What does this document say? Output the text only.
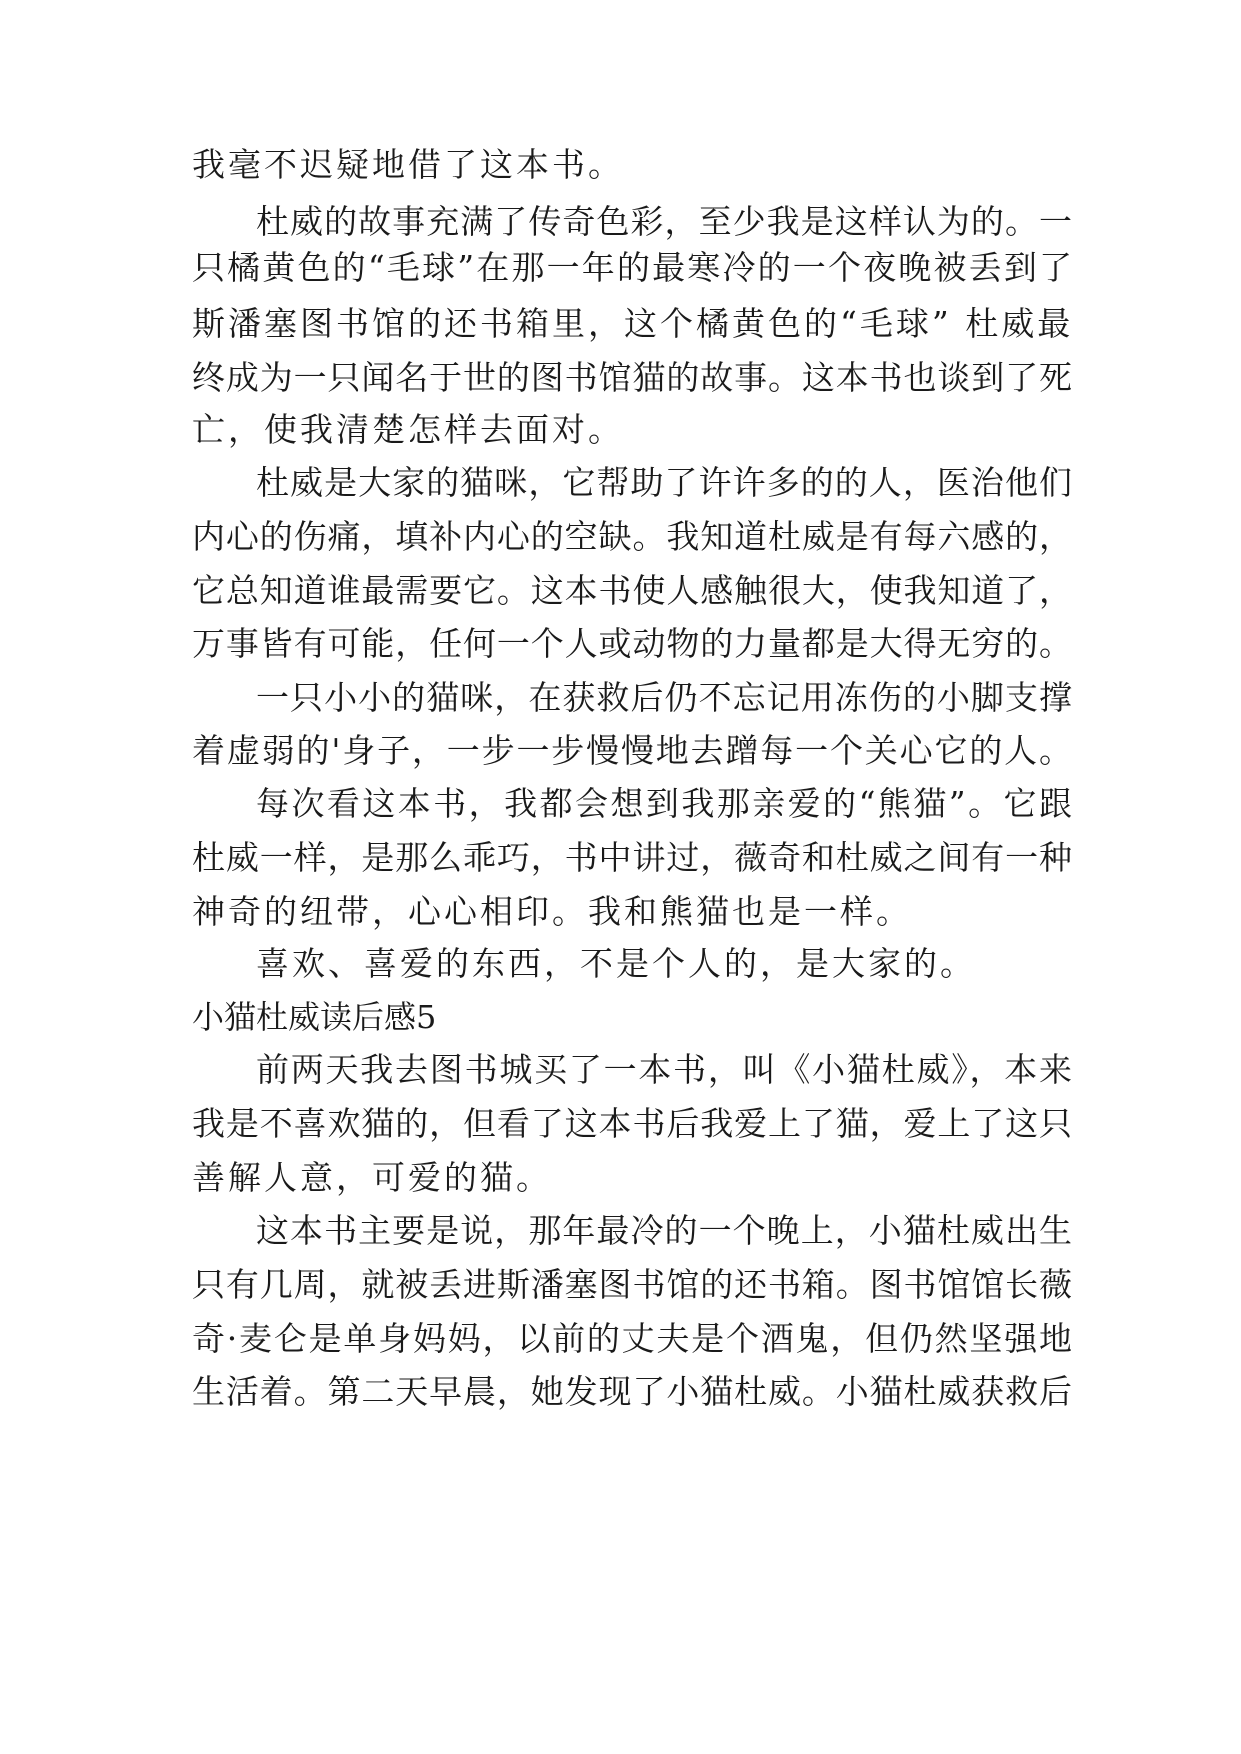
我毫不迟疑地借了这本书。

杜威的故事充满了传奇色彩，至少我是这样认为的。一

只橘黄色的“毛球”在那一年的最寒冷的一个夜晚被丢到了

斯潘塞图书馆的还书箱里，这个橘黄色的“毛球” 杜威最

终成为一只闻名于世的图书馆猫的故事。这本书也谈到了死

亡，使我清楚怎样去面对。

杜威是大家的猫咪，它帮助了许许多的的人，医治他们

内心的伤痛，填补内心的空缺。我知道杜威是有每六感的，

它总知道谁最需要它。这本书使人感触很大，使我知道了，

万事皆有可能，任何一个人或动物的力量都是大得无穷的。

一只小小的猫咪，在获救后仍不忘记用冻伤的小脚支撑

着虚弱的'身子，一步一步慢慢地去蹭每一个关心它的人。

每次看这本书，我都会想到我那亲爱的“熊猫”。它跟

杜威一样，是那么乖巧，书中讲过，薇奇和杜威之间有一种

神奇的纽带，心心相印。我和熊猫也是一样。

喜欢、喜爱的东西，不是个人的，是大家的。

小猫杜威读后感5

前两天我去图书城买了一本书，叫《小猫杜威》，本来

我是不喜欢猫的，但看了这本书后我爱上了猫，爱上了这只

善解人意，可爱的猫。

这本书主要是说，那年最冷的一个晚上，小猫杜威出生

只有几周，就被丢进斯潘塞图书馆的还书箱。图书馆馆长薇

奇·麦仑是单身妈妈，以前的丈夫是个酒鬼，但仍然坚强地

生活着。第二天早晨，她发现了小猫杜威。小猫杜威获救后
